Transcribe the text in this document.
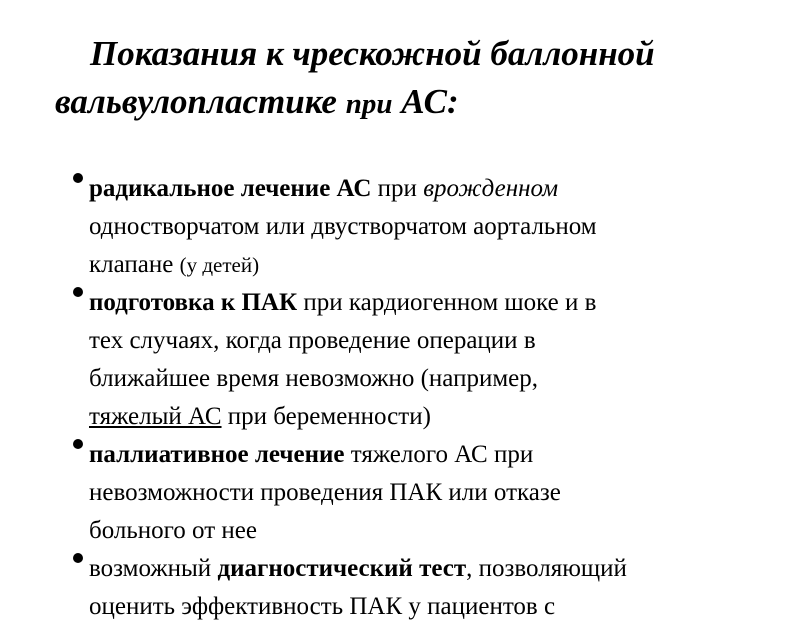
Показания к чрескожной баллонной
вальвулопластике при АС:
радикальное лечение АС при врожденном
одностворчатом или двустворчатом аортальном
клапане (у детей)
подготовка к ПАК при кардиогенном шоке и в
тех случаях, когда проведение операции в
ближайшее время невозможно (например,
тяжелый АС при беременности)
паллиативное лечение тяжелого АС при
невозможности проведения ПАК или отказе
больного от нее
возможный диагностический тест, позволяющий
оценить эффективность ПАК у пациентов с
